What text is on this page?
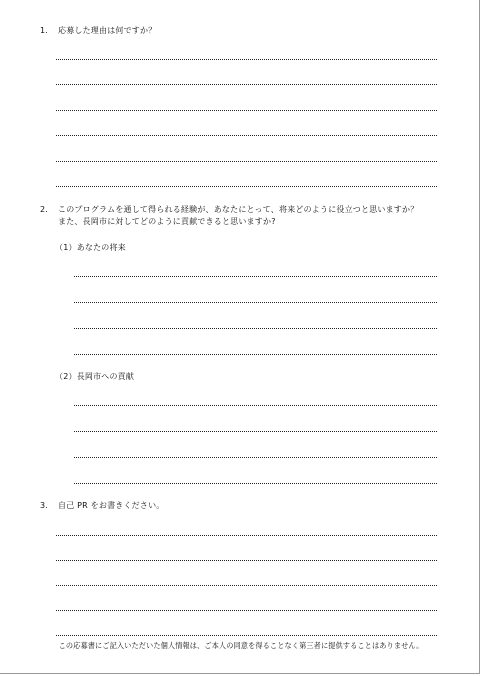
1. 応募した理由は何ですか？
2. このプログラムを通して得られる経験が、あなたにとって、将来どのように役立つと思いますか？
また、長岡市に対してどのように貢献できると思いますか?
（1）あなたの将来
（2）長岡市への貢献
3. 自己 PR をお書きください。
この応募書にご記入いただいた個人情報は、ご本人の同意を得ることなく第三者に提供することはありません。
